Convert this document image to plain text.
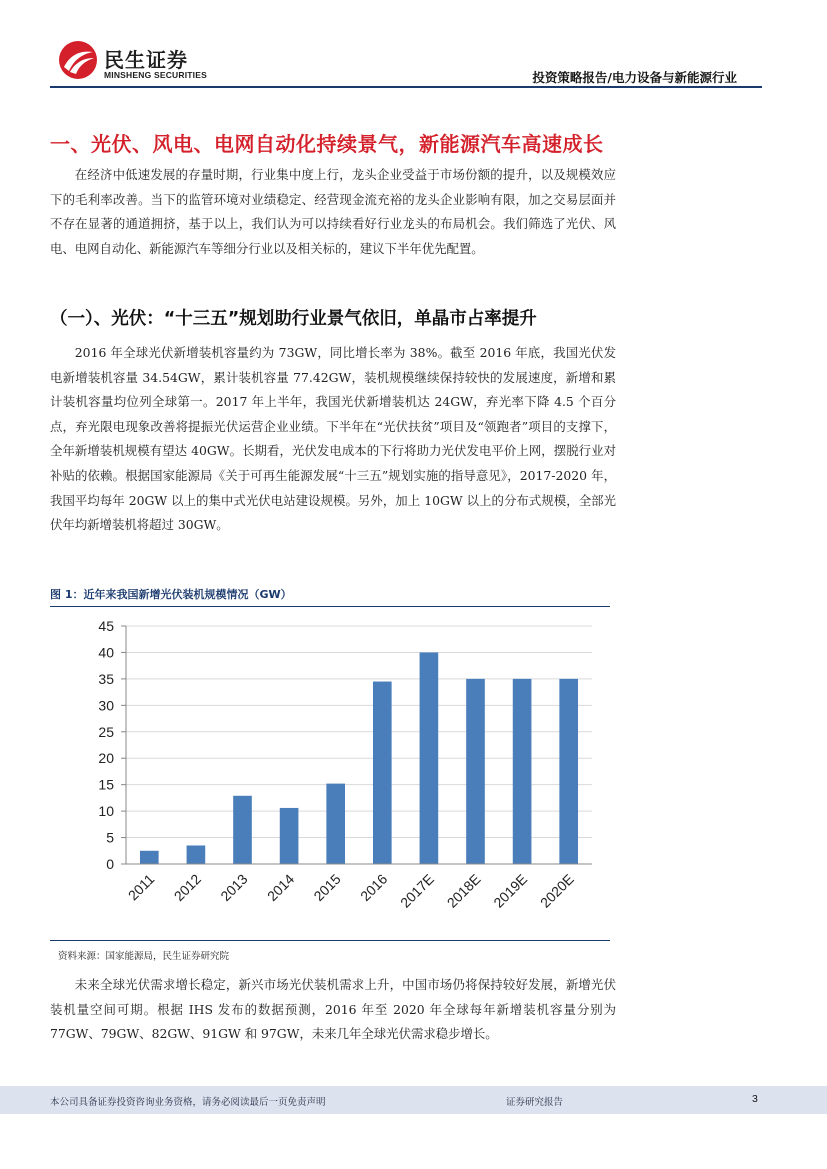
民生证券
MINSHENG SECURITIES	投资策略报告/电力设备与新能源行业
一、光伏、风电、电网自动化持续景气，新能源汽车高速成长

在经济中低速发展的存量时期，行业集中度上行，龙头企业受益于市场份额的提升，以及规模效应下的毛利率改善。当下的监管环境对业绩稳定、经营现金流充裕的龙头企业影响有限，加之交易层面并不存在显著的通道拥挤，基于以上，我们认为可以持续看好行业龙头的布局机会。我们筛选了光伏、风电、电网自动化、新能源汽车等细分行业以及相关标的，建议下半年优先配置。

（一）、光伏：“十三五”规划助行业景气依旧，单晶市占率提升

2016 年全球光伏新增装机容量约为 73GW，同比增长率为 38%。截至 2016 年底，我国光伏发电新增装机容量 34.54GW，累计装机容量 77.42GW，装机规模继续保持较快的发展速度，新增和累计装机容量均位列全球第一。2017 年上半年，我国光伏新增装机达 24GW，弃光率下降 4.5 个百分点，弃光限电现象改善将提振光伏运营企业业绩。下半年在“光伏扶贫”项目及“领跑者”项目的支撑下，全年新增装机规模有望达 40GW。长期看，光伏发电成本的下行将助力光伏发电平价上网，摆脱行业对补贴的依赖。根据国家能源局《关于可再生能源发展“十三五”规划实施的指导意见》，2017-2020 年，我国平均每年 20GW 以上的集中式光伏电站建设规模。另外，加上 10GW 以上的分布式规模，全部光伏年均新增装机将超过 30GW。

图 1：近年来我国新增光伏装机规模情况（GW）
0
5
10
15
20
25
30
35
40
45
2011 2012 2013 2014 2015 2016 2017E 2018E 2019E 2020E
资料来源：国家能源局，民生证券研究院

未来全球光伏需求增长稳定，新兴市场光伏装机需求上升，中国市场仍将保持较好发展，新增光伏装机量空间可期。根据 IHS 发布的数据预测，2016 年至 2020 年全球每年新增装机容量分别为 77GW、79GW、82GW、91GW 和 97GW，未来几年全球光伏需求稳步增长。

本公司具备证券投资咨询业务资格，请务必阅读最后一页免责声明	证券研究报告	3
